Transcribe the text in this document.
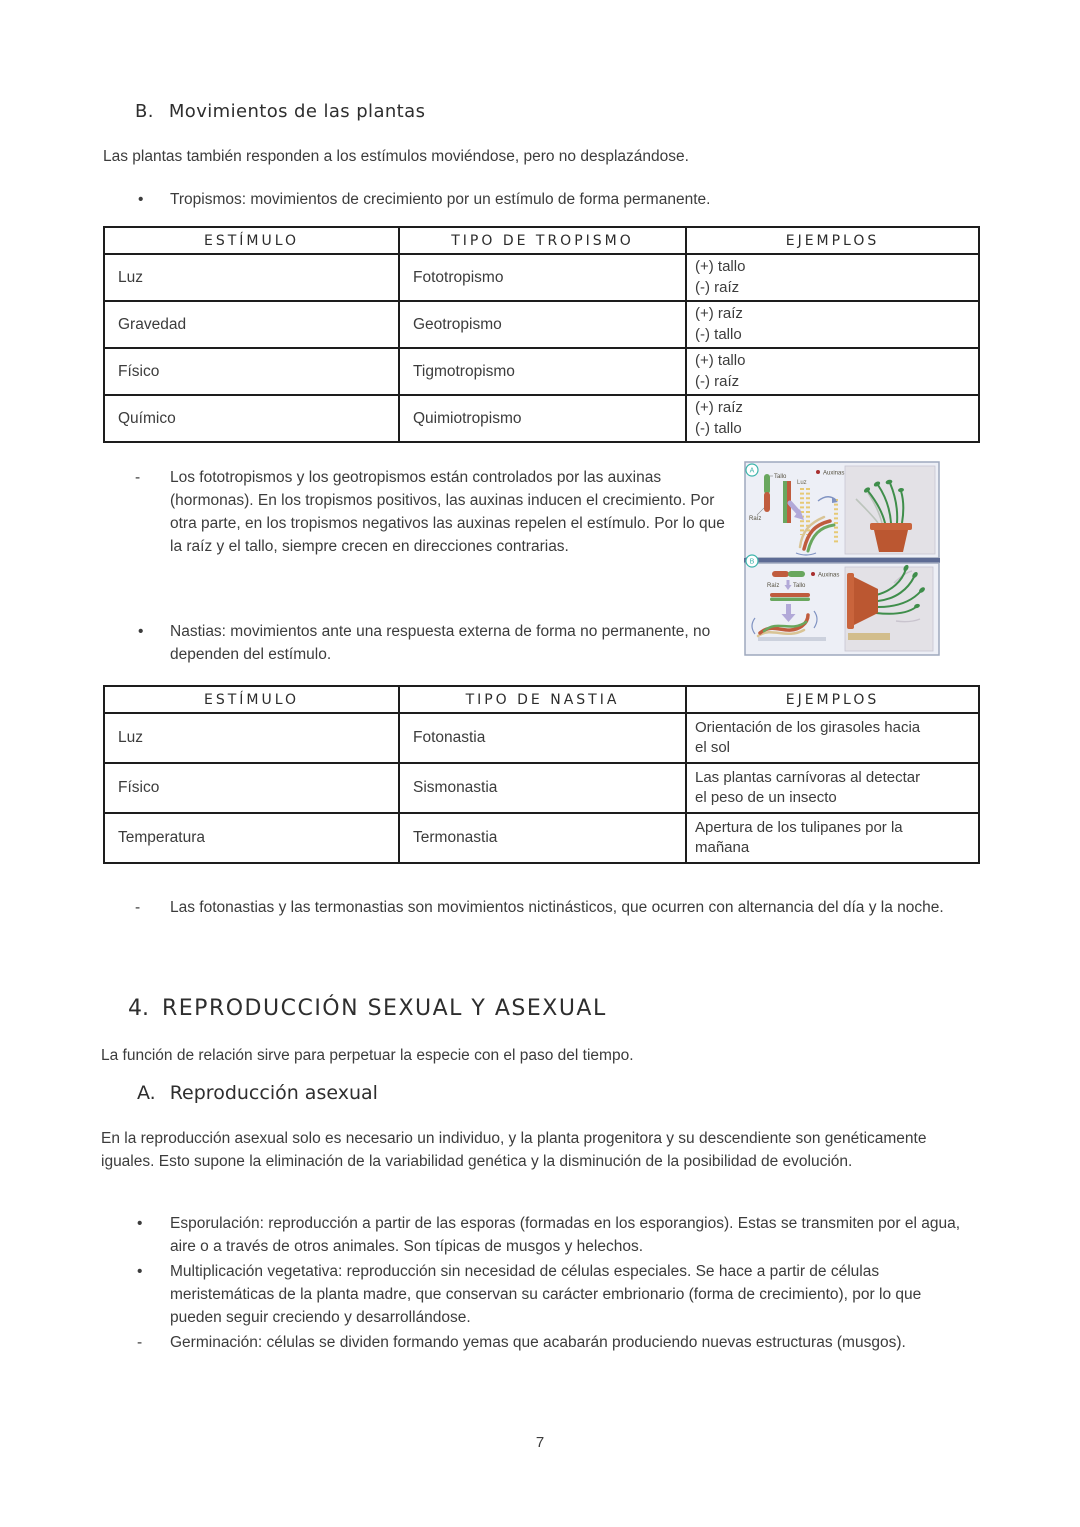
B. Movimientos de las plantas

Las plantas también responden a los estímulos moviéndose, pero no desplazándose.

•	Tropismos: movimientos de crecimiento por un estímulo de forma permanente.
ESTÍMULO	TIPO DE TROPISMO	EJEMPLOS
Luz	Fototropismo	(+) tallo
(-) raíz

Gravedad	Geotropismo	(+) raíz
(-) tallo

Físico	Tigmotropismo	(+) tallo
(-) raíz

Químico	Quimiotropismo	(+) raíz
(-) tallo
-	Los fototropismos y los geotropismos están controlados por las auxinas (hormonas). En los tropismos positivos, las auxinas inducen el crecimiento. Por otra parte, en los tropismos negativos las auxinas repelen el estímulo. Por lo que la raíz y el tallo, siempre crecen en direcciones contrarias.
Tallo
Raíz
Luz
Auxinas
A
Auxinas
Raíz Tallo
B
•	Nastias: movimientos ante una respuesta externa de forma no permanente, no dependen del estímulo.
ESTÍMULO	TIPO DE NASTIA	EJEMPLOS
Luz	Fotonastia	Orientación de los girasoles hacia el sol
Físico	Sismonastia	Las plantas carnívoras al detectar el peso de un insecto
Temperatura	Termonastia	Apertura de los tulipanes por la mañana
-	Las fotonastias y las termonastias son movimientos nictinásticos, que ocurren con alternancia del día y la noche.
4. REPRODUCCIÓN SEXUAL Y ASEXUAL

La función de relación sirve para perpetuar la especie con el paso del tiempo.

A. Reproducción asexual

En la reproducción asexual solo es necesario un individuo, y la planta progenitora y su descendiente son genéticamente iguales. Esto supone la eliminación de la variabilidad genética y la disminución de la posibilidad de evolución.

•	Esporulación: reproducción a partir de las esporas (formadas en los esporangios). Estas se transmiten por el agua, aire o a través de otros animales. Son típicas de musgos y helechos.
•	Multiplicación vegetativa: reproducción sin necesidad de células especiales. Se hace a partir de células meristemáticas de la planta madre, que conservan su carácter embrionario (forma de crecimiento), por lo que pueden seguir creciendo y desarrollándose.
-	Germinación: células se dividen formando yemas que acabarán produciendo nuevas estructuras (musgos).
7
